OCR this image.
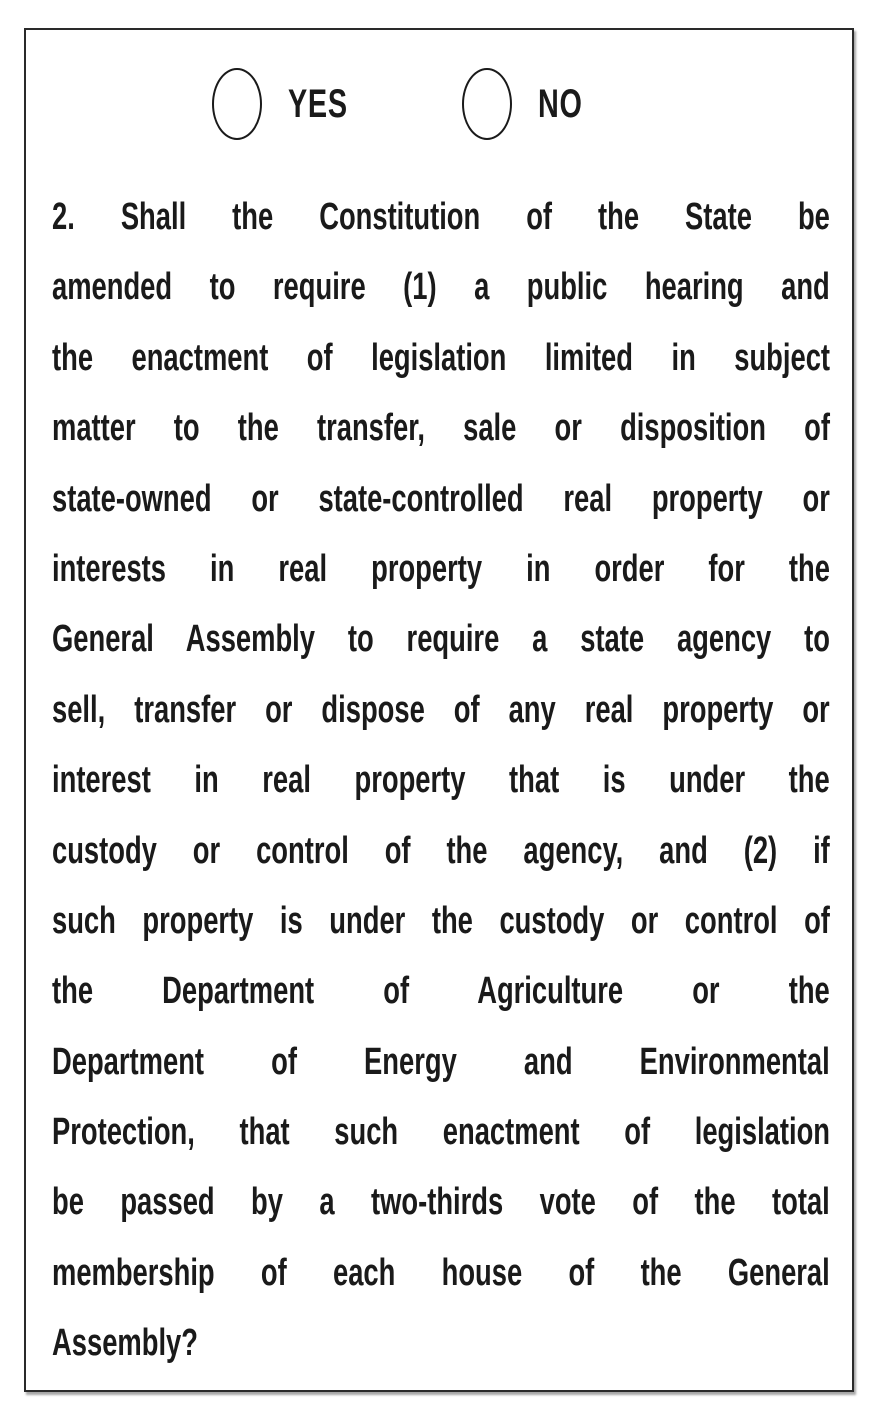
YES	NO
2. Shall the Constitution of the State be
amended to require (1) a public hearing and
the enactment of legislation limited in subject
matter to the transfer, sale or disposition of
state-owned or state-controlled real property or
interests in real property in order for the
General Assembly to require a state agency to
sell, transfer or dispose of any real property or
interest in real property that is under the
custody or control of the agency, and (2) if
such property is under the custody or control of
the Department of Agriculture or the
Department of Energy and Environmental
Protection, that such enactment of legislation
be passed by a two-thirds vote of the total
membership of each house of the General
Assembly?
